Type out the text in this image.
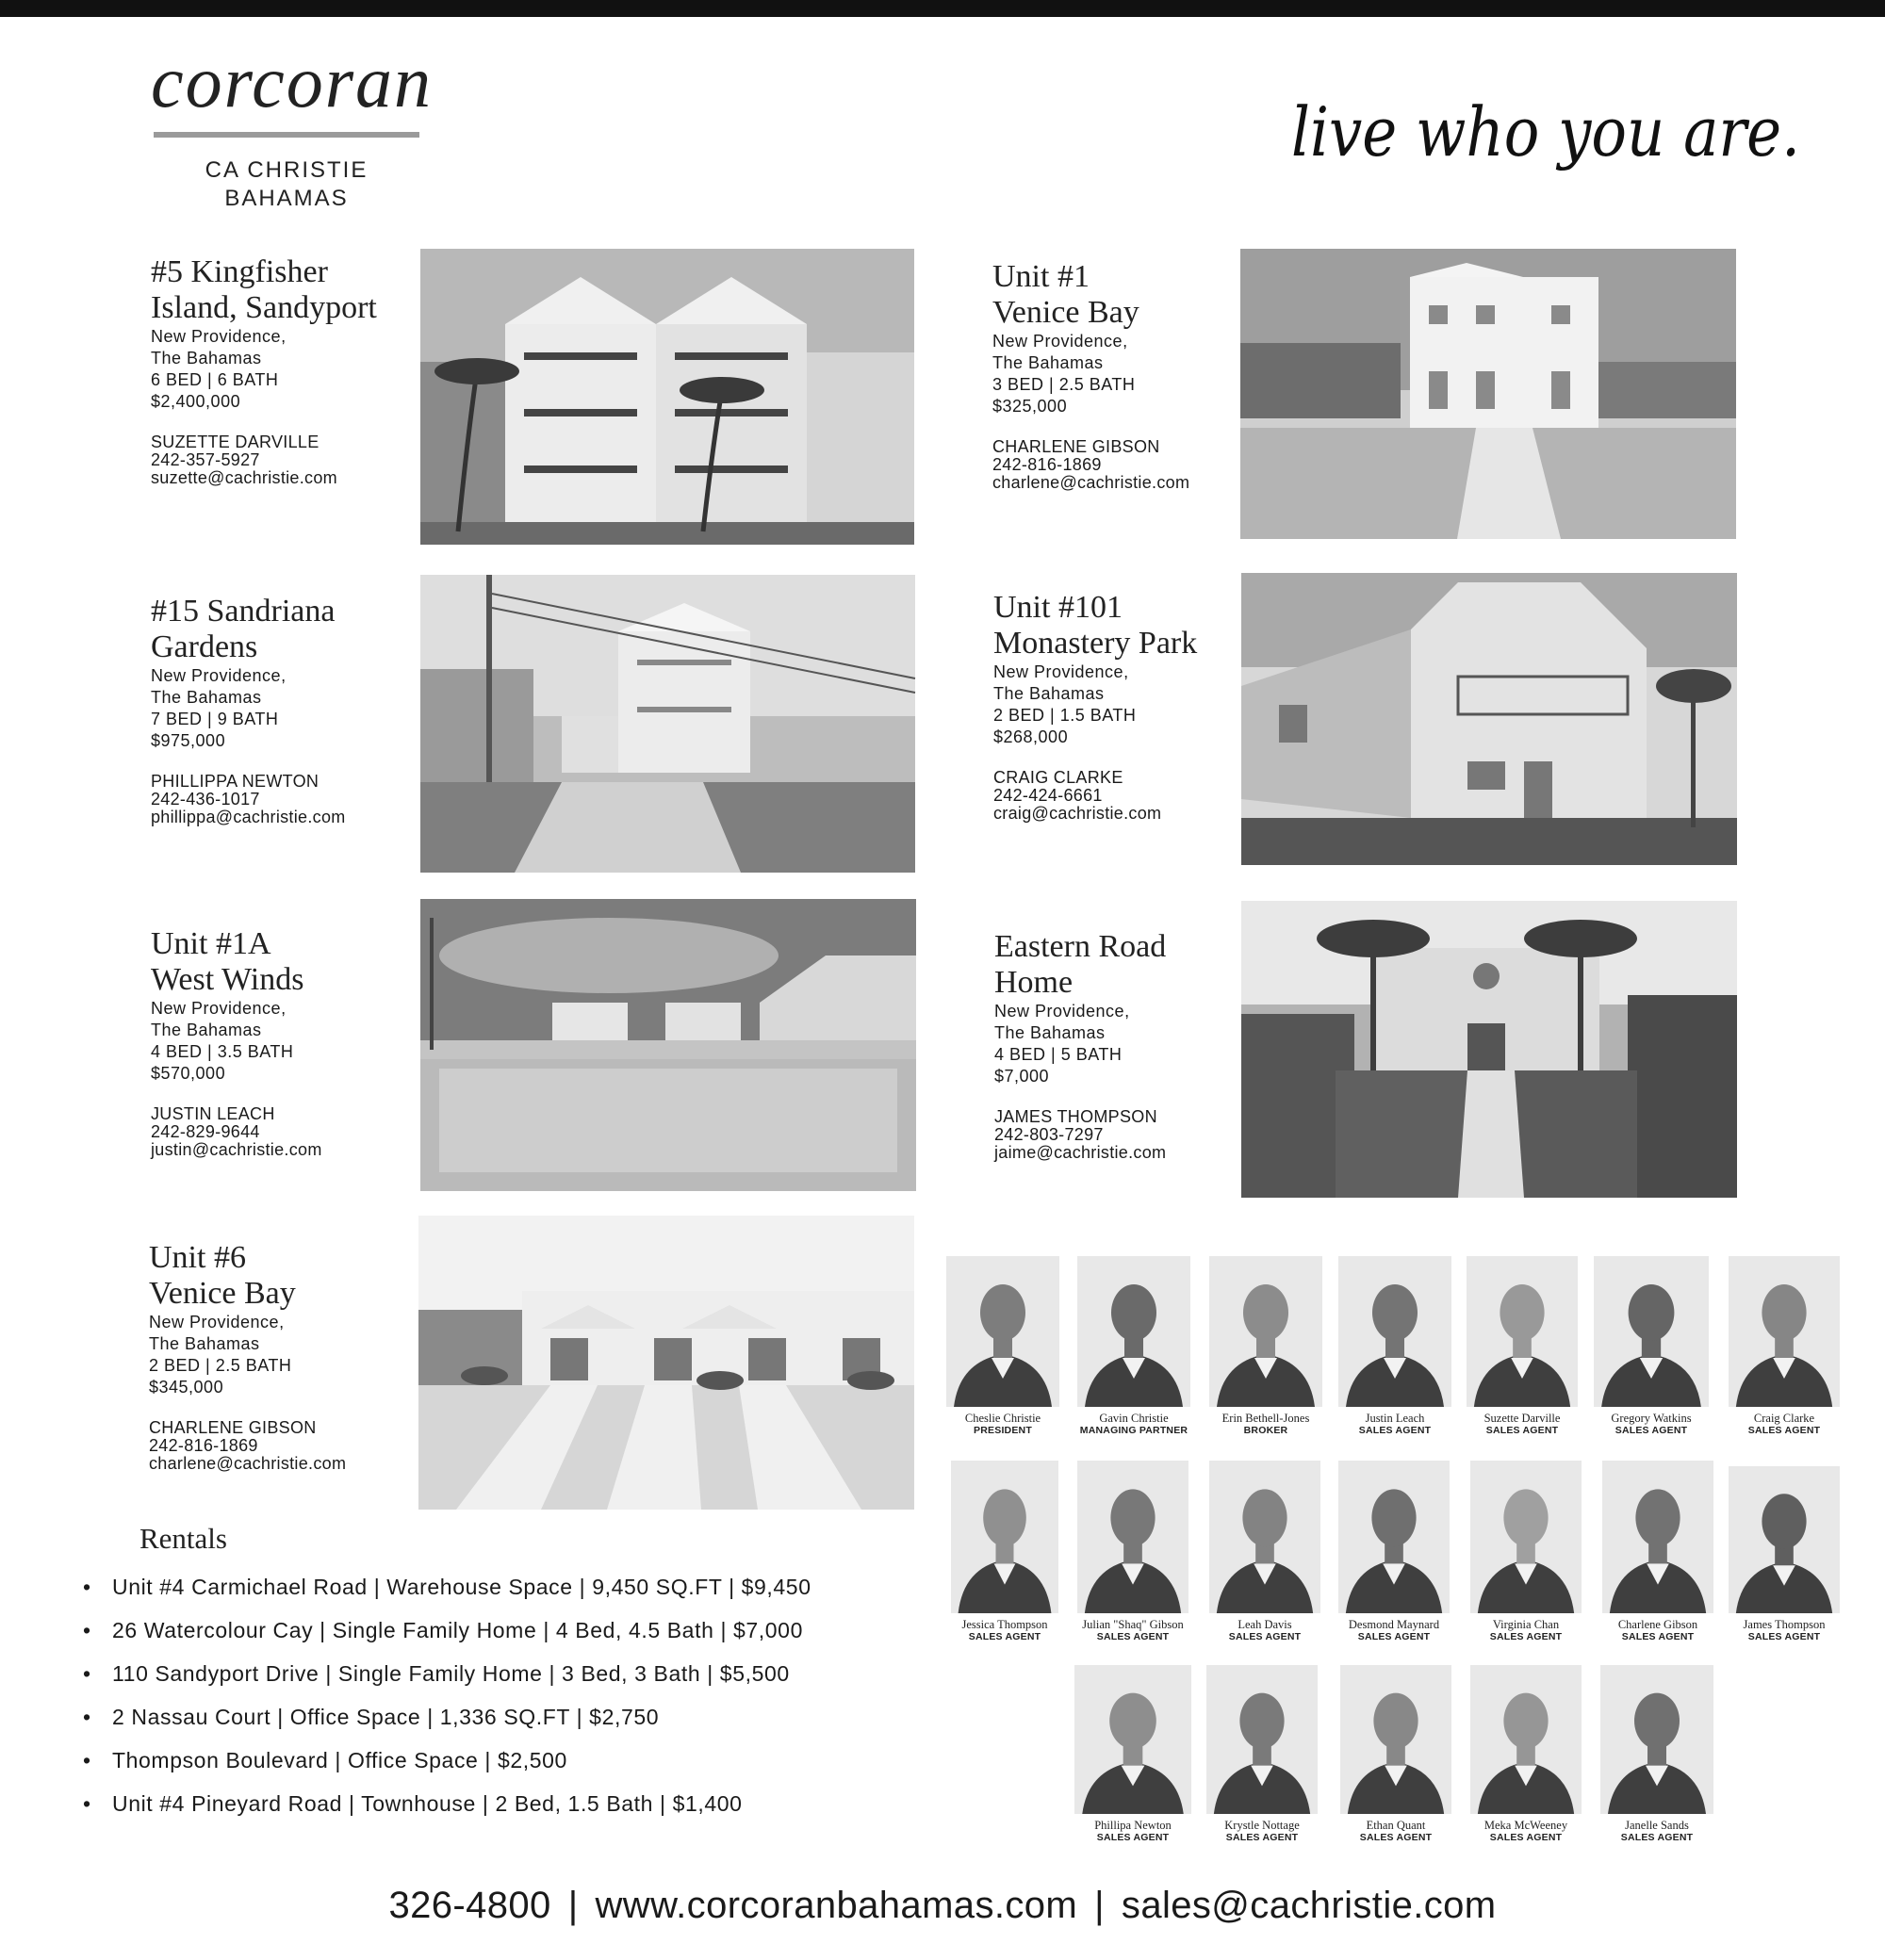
corcoran
CA CHRISTIE
BAHAMAS
live who you are.
#5 Kingfisher
Island, Sandyport
New Providence,
The Bahamas
6 BED | 6 BATH
$2,400,000
SUZETTE DARVILLE
242-357-5927
suzette@cachristie.com
Unit #1
Venice Bay
New Providence,
The Bahamas
3 BED | 2.5 BATH
$325,000
CHARLENE GIBSON
242-816-1869
charlene@cachristie.com
#15 Sandriana
Gardens
New Providence,
The Bahamas
7 BED | 9 BATH
$975,000
PHILLIPPA NEWTON
242-436-1017
phillippa@cachristie.com
Unit #101
Monastery Park
New Providence,
The Bahamas
2 BED | 1.5 BATH
$268,000
CRAIG CLARKE
242-424-6661
craig@cachristie.com
Unit #1A
West Winds
New Providence,
The Bahamas
4 BED | 3.5 BATH
$570,000
JUSTIN LEACH
242-829-9644
justin@cachristie.com
Eastern Road
Home
New Providence,
The Bahamas
4 BED | 5 BATH
$7,000
JAMES THOMPSON
242-803-7297
jaime@cachristie.com
Unit #6
Venice Bay
New Providence,
The Bahamas
2 BED | 2.5 BATH
$345,000
CHARLENE GIBSON
242-816-1869
charlene@cachristie.com
Rentals
• Unit #4 Carmichael Road | Warehouse Space | 9,450 SQ.FT | $9,450
• 26 Watercolour Cay | Single Family Home | 4 Bed, 4.5 Bath | $7,000
• 110 Sandyport Drive | Single Family Home | 3 Bed, 3 Bath | $5,500
• 2 Nassau Court | Office Space | 1,336 SQ.FT | $2,750
• Thompson Boulevard | Office Space | $2,500
• Unit #4 Pineyard Road | Townhouse | 2 Bed, 1.5 Bath | $1,400
Cheslie Christie
PRESIDENT
Gavin Christie
MANAGING PARTNER
Erin Bethell-Jones
BROKER
Justin Leach
SALES AGENT
Suzette Darville
SALES AGENT
Gregory Watkins
SALES AGENT
Craig Clarke
SALES AGENT
Jessica Thompson
SALES AGENT
Julian "Shaq" Gibson
SALES AGENT
Leah Davis
SALES AGENT
Desmond Maynard
SALES AGENT
Virginia Chan
SALES AGENT
Charlene Gibson
SALES AGENT
James Thompson
SALES AGENT
Phillipa Newton
SALES AGENT
Krystle Nottage
SALES AGENT
Ethan Quant
SALES AGENT
Meka McWeeney
SALES AGENT
Janelle Sands
SALES AGENT
326-4800 | www.corcoranbahamas.com | sales@cachristie.com
